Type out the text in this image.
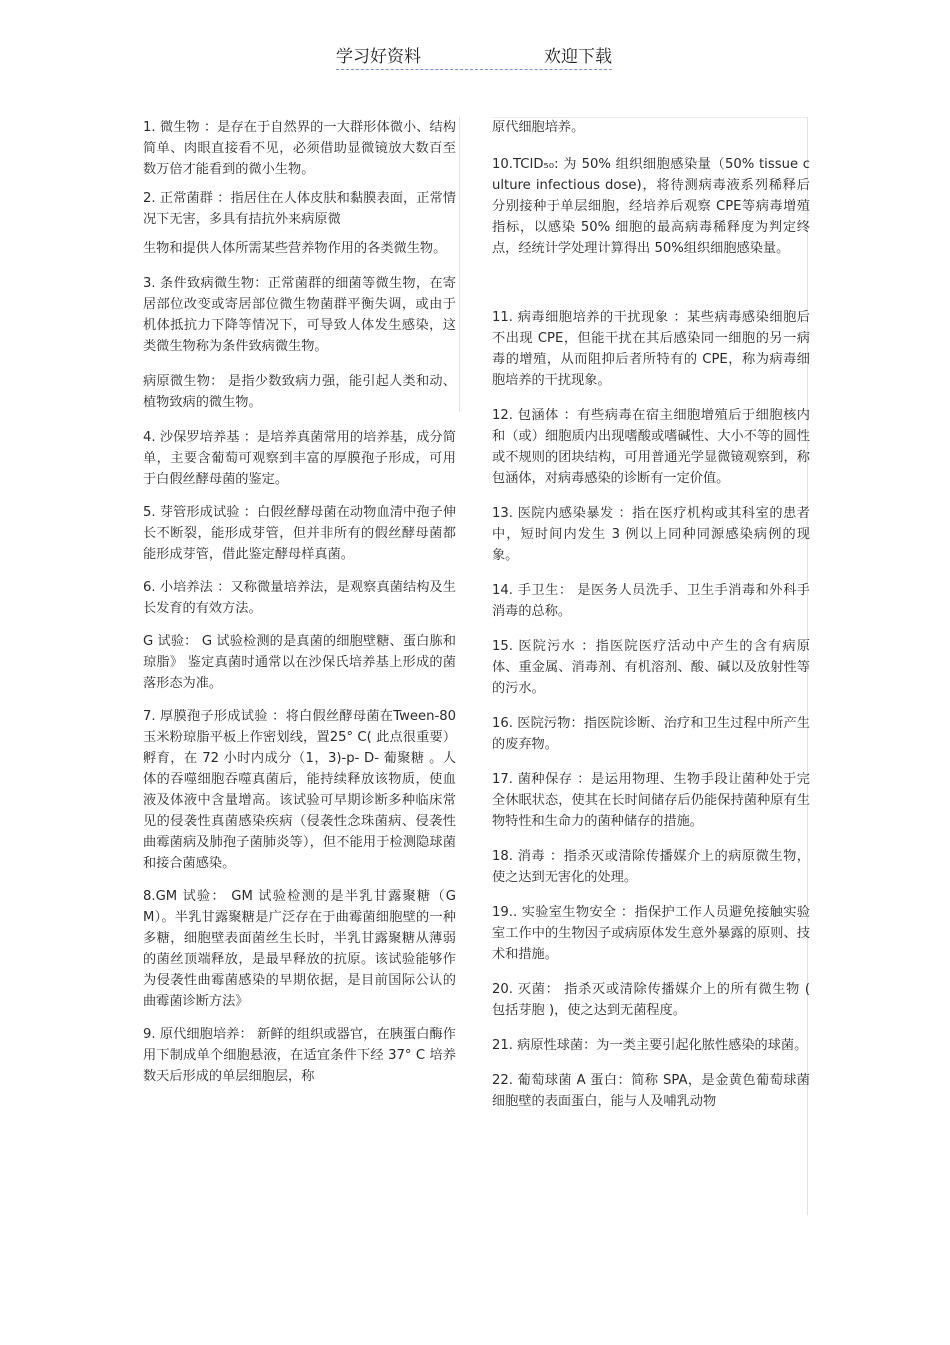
学习好资料	欢迎下载

1. 微生物 ：是存在于自然界的一大群形体微小、结构简单、肉眼直接看不见，必须借助显微镜放大数百至数万倍才能看到的微小生物。

2. 正常菌群 ：指居住在人体皮肤和黏膜表面，正常情况下无害，多具有拮抗外来病原微

生物和提供人体所需某些营养物作用的各类微生物。

3. 条件致病微生物：正常菌群的细菌等微生物，在寄居部位改变或寄居部位微生物菌群平衡失调，或由于机体抵抗力下降等情况下，可导致人体发生感染，这类微生物称为条件致病微生物。

病原微生物： 是指少数致病力强，能引起人类和动、植物致病的微生物。

4. 沙保罗培养基 ：是培养真菌常用的培养基，成分简单，主要含葡萄可观察到丰富的厚膜孢子形成，可用于白假丝酵母菌的鉴定。

5. 芽管形成试验 ：白假丝酵母菌在动物血清中孢子伸长不断裂，能形成芽管，但并非所有的假丝酵母菌都能形成芽管，借此鉴定酵母样真菌。

6. 小培养法 ：又称微量培养法，是观察真菌结构及生长发育的有效方法。

G 试验： G 试验检测的是真菌的细胞壁糖、蛋白胨和琼脂》 鉴定真菌时通常以在沙保氏培养基上形成的菌落形态为准。

7. 厚膜孢子形成试验 ：将白假丝酵母菌在Tween-80 玉米粉琼脂平板上作密划线，置25° C( 此点很重要）孵育，在 72 小时内成分（1，3)-p- D- 葡聚糖 。人体的吞噬细胞吞噬真菌后，能持续释放该物质，使血液及体液中含量增高。该试验可早期诊断多种临床常见的侵袭性真菌感染疾病（侵袭性念珠菌病、侵袭性曲霉菌病及肺孢子菌肺炎等），但不能用于检测隐球菌和接合菌感染。

8.GM 试验： GM 试验检测的是半乳甘露聚糖（GM）。半乳甘露聚糖是广泛存在于曲霉菌细胞壁的一种多糖，细胞壁表面菌丝生长时，半乳甘露聚糖从薄弱的菌丝顶端释放，是最早释放的抗原。该试验能够作为侵袭性曲霉菌感染的早期依据，是目前国际公认的曲霉菌诊断方法》

9. 原代细胞培养： 新鲜的组织或器官，在胰蛋白酶作用下制成单个细胞悬液，在适宜条件下经 37° C 培养数天后形成的单层细胞层，称

原代细胞培养。

10.TCID₅₀: 为 50% 组织细胞感染量（50% tissue culture infectious dose)，将待测病毒液系列稀释后分别接种于单层细胞，经培养后观察 CPE等病毒增殖指标，以感染 50% 细胞的最高病毒稀释度为判定终点，经统计学处理计算得出 50%组织细胞感染量。

11. 病毒细胞培养的干扰现象 ：某些病毒感染细胞后不出现 CPE，但能干扰在其后感染同一细胞的另一病毒的增殖，从而阻抑后者所特有的 CPE，称为病毒细胞培养的干扰现象。

12. 包涵体 ：有些病毒在宿主细胞增殖后于细胞核内和（或）细胞质内出现嗜酸或嗜碱性、大小不等的圆性或不规则的团块结构，可用普通光学显微镜观察到，称包涵体，对病毒感染的诊断有一定价值。

13. 医院内感染暴发 ：指在医疗机构或其科室的患者中，短时间内发生 3 例以上同种同源感染病例的现象。

14. 手卫生： 是医务人员洗手、卫生手消毒和外科手消毒的总称。

15. 医院污水 ：指医院医疗活动中产生的含有病原体、重金属、消毒剂、有机溶剂、酸、碱以及放射性等的污水。

16. 医院污物：指医院诊断、治疗和卫生过程中所产生的废弃物。

17. 菌种保存 ：是运用物理、生物手段让菌种处于完全休眠状态，使其在长时间储存后仍能保持菌种原有生物特性和生命力的菌种储存的措施。

18. 消毒 ：指杀灭或清除传播媒介上的病原微生物，使之达到无害化的处理。

19.. 实验室生物安全 ：指保护工作人员避免接触实验室工作中的生物因子或病原体发生意外暴露的原则、技术和措施。

20. 灭菌： 指杀灭或清除传播媒介上的所有微生物 ( 包括芽胞 )，使之达到无菌程度。

21. 病原性球菌：为一类主要引起化脓性感染的球菌。

22. 葡萄球菌 A 蛋白：简称 SPA，是金黄色葡萄球菌细胞壁的表面蛋白，能与人及哺乳动物
